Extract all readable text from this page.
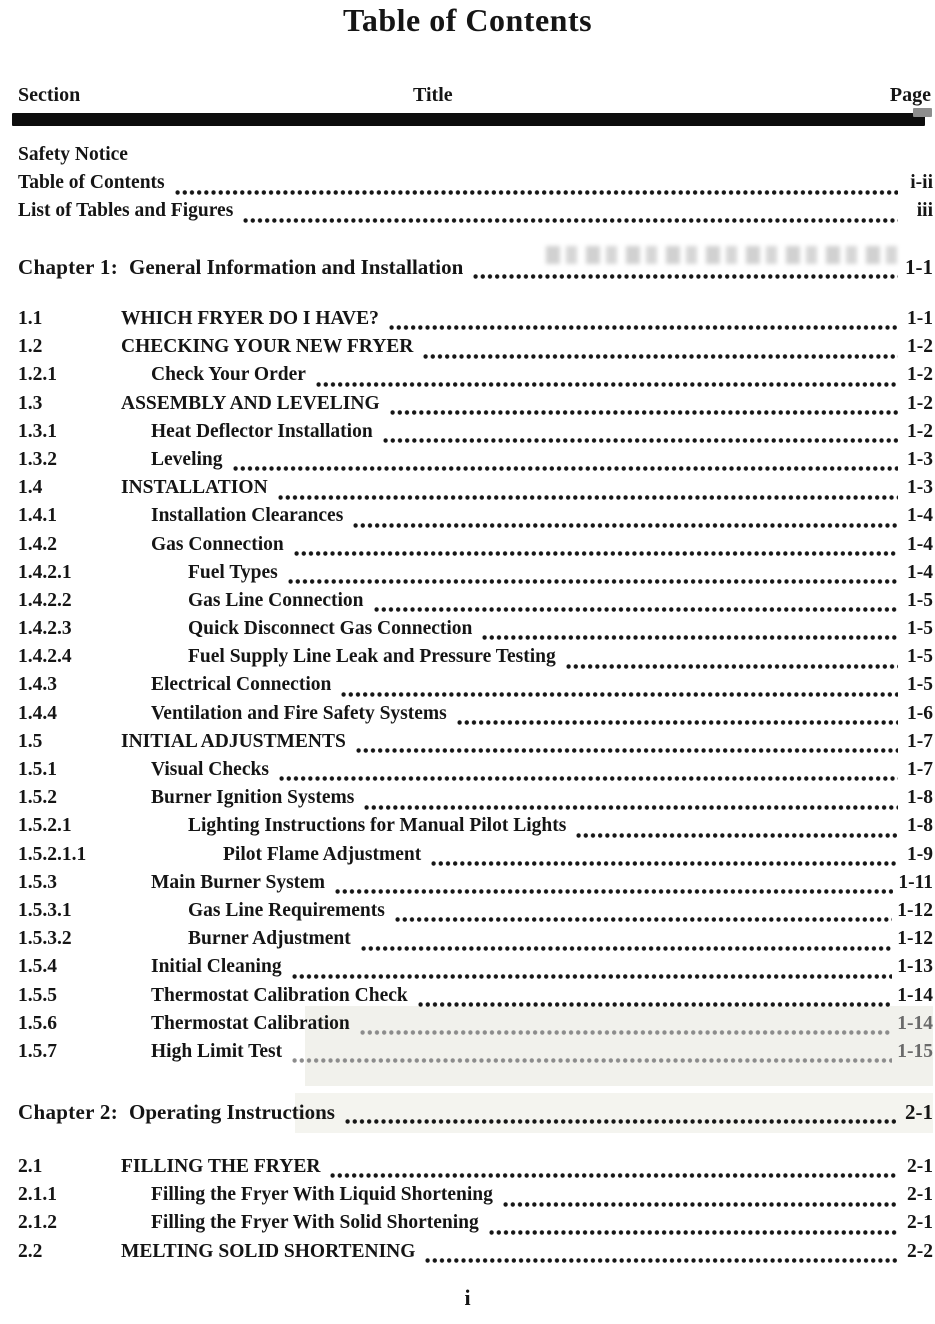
Table of Contents
Section	Title	Page
Safety Notice
Table of Contents	i-ii
List of Tables and Figures	iii
Chapter 1: General Information and Installation	1-1
1.1	WHICH FRYER DO I HAVE?	1-1
1.2	CHECKING YOUR NEW FRYER	1-2
1.2.1	Check Your Order	1-2
1.3	ASSEMBLY AND LEVELING	1-2
1.3.1	Heat Deflector Installation	1-2
1.3.2	Leveling	1-3
1.4	INSTALLATION	1-3
1.4.1	Installation Clearances	1-4
1.4.2	Gas Connection	1-4
1.4.2.1	Fuel Types	1-4
1.4.2.2	Gas Line Connection	1-5
1.4.2.3	Quick Disconnect Gas Connection	1-5
1.4.2.4	Fuel Supply Line Leak and Pressure Testing	1-5
1.4.3	Electrical Connection	1-5
1.4.4	Ventilation and Fire Safety Systems	1-6
1.5	INITIAL ADJUSTMENTS	1-7
1.5.1	Visual Checks	1-7
1.5.2	Burner Ignition Systems	1-8
1.5.2.1	Lighting Instructions for Manual Pilot Lights	1-8
1.5.2.1.1	Pilot Flame Adjustment	1-9
1.5.3	Main Burner System	1-11
1.5.3.1	Gas Line Requirements	1-12
1.5.3.2	Burner Adjustment	1-12
1.5.4	Initial Cleaning	1-13
1.5.5	Thermostat Calibration Check	1-14
1.5.6	Thermostat Calibration	1-14
1.5.7	High Limit Test	1-15
Chapter 2: Operating Instructions	2-1
2.1	FILLING THE FRYER	2-1
2.1.1	Filling the Fryer With Liquid Shortening	2-1
2.1.2	Filling the Fryer With Solid Shortening	2-1
2.2	MELTING SOLID SHORTENING	2-2
i
